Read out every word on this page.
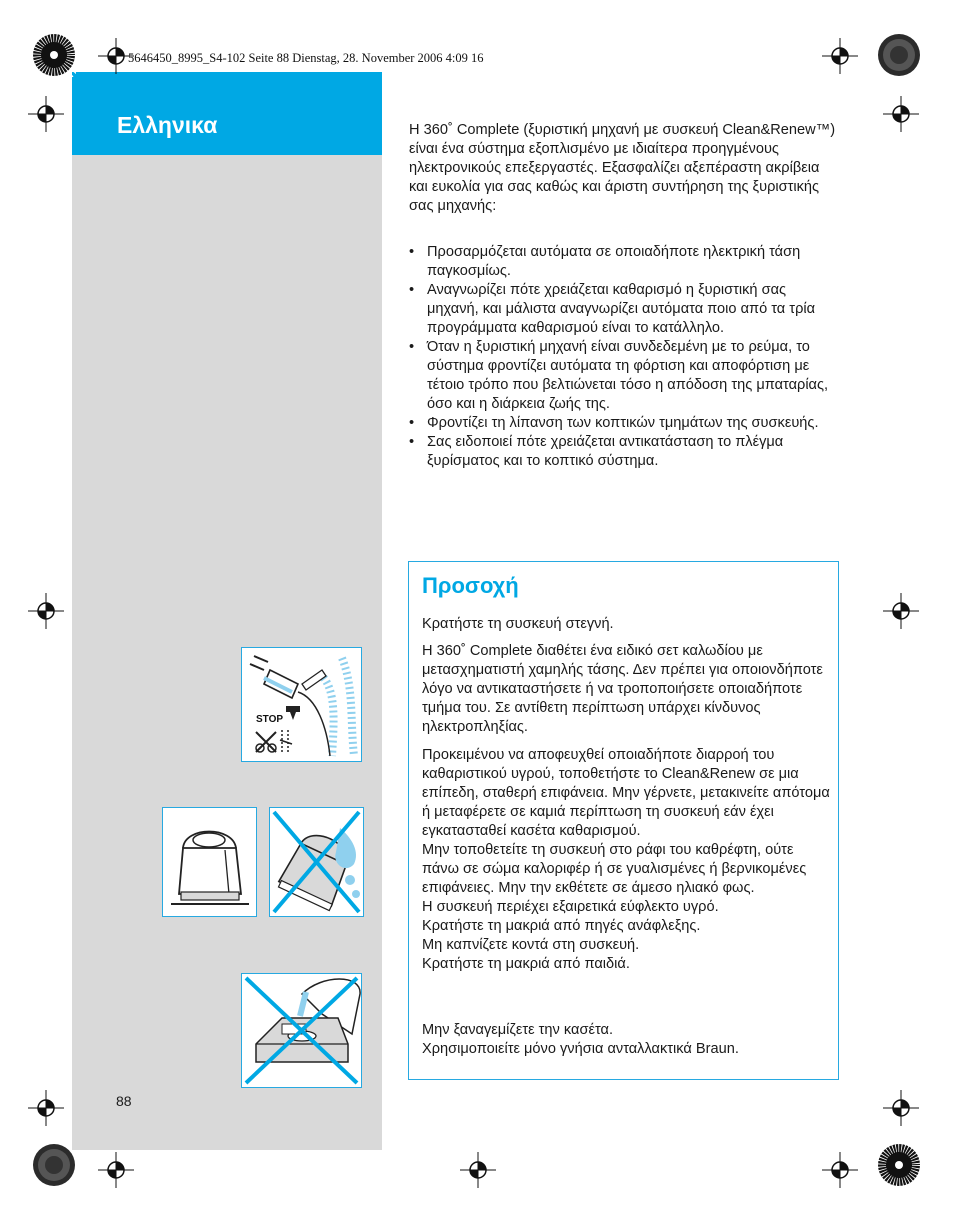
5646450_8995_S4-102 Seite 88 Dienstag, 28. November 2006 4:09 16
Ελληνικα	Η 360˚ Complete (ξυριστική μηχανή με συσκευή Clean&Renew™) είναι ένα σύστημα εξοπλισμένο με ιδιαίτερα προηγμένους ηλεκτρονικούς επεξεργαστές. Εξασφαλίζει αξεπέραστη ακρίβεια και ευκολία για σας καθώς και άριστη συντήρηση της ξυριστικής σας μηχανής:
• Προσαρμόζεται αυτόματα σε οποιαδήποτε ηλεκτρική τάση παγκοσμίως.
• Αναγνωρίζει πότε χρειάζεται καθαρισμό η ξυριστική σας μηχανή, και μάλιστα αναγνωρίζει αυτόματα ποιο από τα τρία προγράμματα καθαρισμού είναι το κατάλληλο.
• Όταν η ξυριστική μηχανή είναι συνδεδεμένη με το ρεύμα, το σύστημα φροντίζει αυτόματα τη φόρτιση και αποφόρτιση με τέτοιο τρόπο που βελτιώνεται τόσο η απόδοση της μπαταρίας, όσο και η διάρκεια ζωής της.
• Φροντίζει τη λίπανση των κοπτικών τμημάτων της συσκευής.
• Σας ειδοποιεί πότε χρειάζεται αντικατάσταση το πλέγμα ξυρίσματος και το κοπτικό σύστημα.
Προσοχή

Κρατήστε τη συσκευή στεγνή.

Η 360˚ Complete διαθέτει ένα ειδικό σετ καλωδίου με μετασχηματιστή χαμηλής τάσης. Δεν πρέπει για οποιονδήποτε λόγο να αντικαταστήσετε ή να τροποποιήσετε οποιαδήποτε τμήμα του. Σε αντίθετη περίπτωση υπάρχει κίνδυνος ηλεκτροπληξίας.

Προκειμένου να αποφευχθεί οποιαδήποτε διαρροή του καθαριστικού υγρού, τοποθετήστε το Clean&Renew σε μια επίπεδη, σταθερή επιφάνεια. Μην γέρνετε, μετακινείτε απότομα ή μεταφέρετε σε καμιά περίπτωση τη συσκευή εάν έχει εγκατασταθεί κασέτα καθαρισμού.

Μην τοποθετείτε τη συσκευή στο ράφι του καθρέφτη, ούτε πάνω σε σώμα καλοριφέρ ή σε γυαλισμένες ή βερνικομένες επιφάνειες. Μην την εκθέτετε σε άμεσο ηλιακό φως.

Η συσκευή περιέχει εξαιρετικά εύφλεκτο υγρό.

Κρατήστε τη μακριά από πηγές ανάφλεξης.

Μη καπνίζετε κοντά στη συσκευή.

Κρατήστε τη μακριά από παιδιά.

Μην ξαναγεμίζετε την κασέτα.

Χρησιμοποιείτε μόνο γνήσια ανταλλακτικά Braun.

88
STOP
